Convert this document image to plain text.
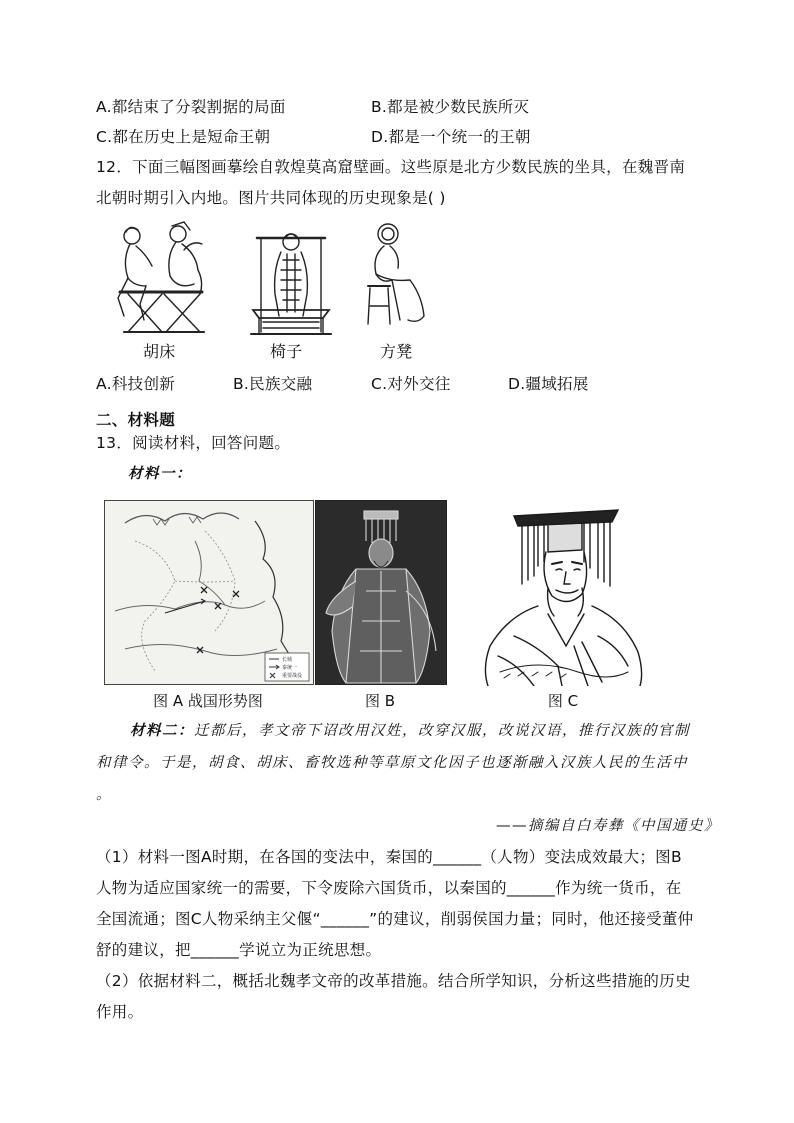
A.都结束了分裂割据的局面	B.都是被少数民族所灭
C.都在历史上是短命王朝	D.都是一个统一的王朝
12．下面三幅图画摹绘自敦煌莫高窟壁画。这些原是北方少数民族的坐具，在魏晋南
北朝时期引入内地。图片共同体现的历史现象是( )
胡床	椅子	方凳
A.科技创新	B.民族交融	C.对外交往	D.疆域拓展
二、材料题
13．阅读材料，回答问题。
材料一：
长城
秦统一
重要战役
图 A 战国形势图	图 B	图 C
材料二：迁都后，孝文帝下诏改用汉姓，改穿汉服，改说汉语，推行汉族的官制
和律令。于是，胡食、胡床、畜牧选种等草原文化因子也逐渐融入汉族人民的生活中
。
——摘编自白寿彝《中国通史》
（1）材料一图A时期，在各国的变法中，秦国的______（人物）变法成效最大；图B
人物为适应国家统一的需要，下令废除六国货币，以秦国的______作为统一货币，在
全国流通；图C人物采纳主父偃“______”的建议，削弱侯国力量；同时，他还接受董仲
舒的建议，把______学说立为正统思想。
（2）依据材料二，概括北魏孝文帝的改革措施。结合所学知识，分析这些措施的历史
作用。
